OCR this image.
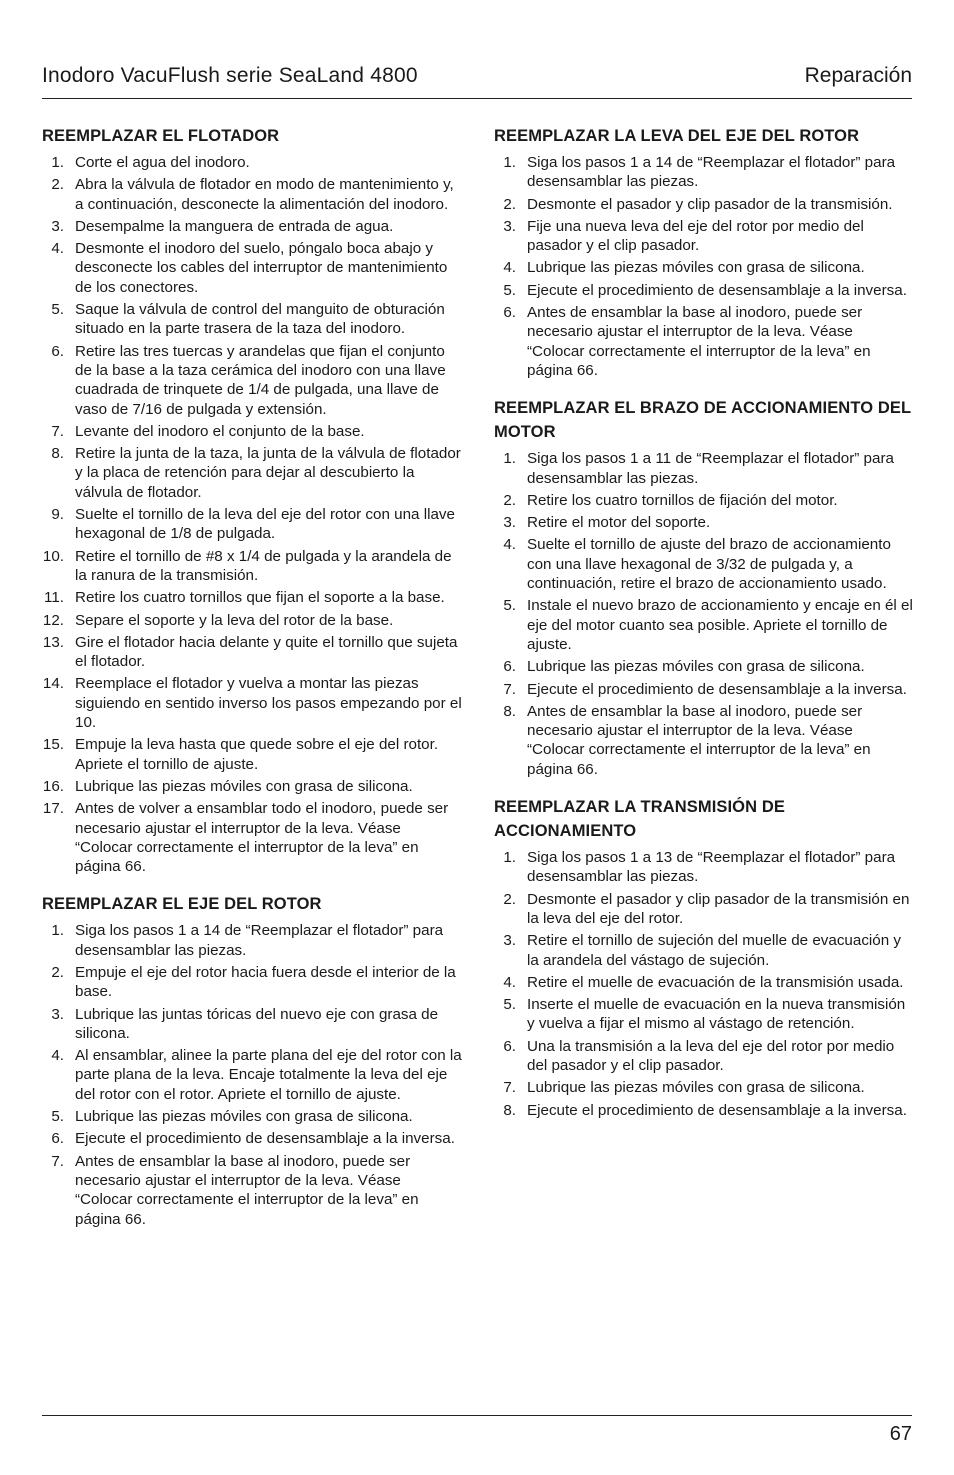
Inodoro VacuFlush serie SeaLand 4800	Reparación
REEMPLAZAR EL FLOTADOR
1. Corte el agua del inodoro.
2. Abra la válvula de flotador en modo de mantenimiento y, a continuación, desconecte la alimentación del inodoro.
3. Desempalme la manguera de entrada de agua.
4. Desmonte el inodoro del suelo, póngalo boca abajo y desconecte los cables del interruptor de mantenimiento de los conectores.
5. Saque la válvula de control del manguito de obturación situado en la parte trasera de la taza del inodoro.
6. Retire las tres tuercas y arandelas que fijan el conjunto de la base a la taza cerámica del inodoro con una llave cuadrada de trinquete de 1/4 de pulgada, una llave de vaso de 7/16 de pulgada y extensión.
7. Levante del inodoro el conjunto de la base.
8. Retire la junta de la taza, la junta de la válvula de flotador y la placa de retención para dejar al descubierto la válvula de flotador.
9. Suelte el tornillo de la leva del eje del rotor con una llave hexagonal de 1/8 de pulgada.
10. Retire el tornillo de #8 x 1/4 de pulgada y la arandela de la ranura de la transmisión.
11. Retire los cuatro tornillos que fijan el soporte a la base.
12. Separe el soporte y la leva del rotor de la base.
13. Gire el flotador hacia delante y quite el tornillo que sujeta el flotador.
14. Reemplace el flotador y vuelva a montar las piezas siguiendo en sentido inverso los pasos empezando por el 10.
15. Empuje la leva hasta que quede sobre el eje del rotor. Apriete el tornillo de ajuste.
16. Lubrique las piezas móviles con grasa de silicona.
17. Antes de volver a ensamblar todo el inodoro, puede ser necesario ajustar el interruptor de la leva. Véase “Colocar correctamente el interruptor de la leva” en página 66.
REEMPLAZAR EL EJE DEL ROTOR
1. Siga los pasos 1 a 14 de “Reemplazar el flotador” para desensamblar las piezas.
2. Empuje el eje del rotor hacia fuera desde el interior de la base.
3. Lubrique las juntas tóricas del nuevo eje con grasa de silicona.
4. Al ensamblar, alinee la parte plana del eje del rotor con la parte plana de la leva. Encaje totalmente la leva del eje del rotor con el rotor. Apriete el tornillo de ajuste.
5. Lubrique las piezas móviles con grasa de silicona.
6. Ejecute el procedimiento de desensamblaje a la inversa.
7. Antes de ensamblar la base al inodoro, puede ser necesario ajustar el interruptor de la leva. Véase “Colocar correctamente el interruptor de la leva” en página 66.
REEMPLAZAR LA LEVA DEL EJE DEL ROTOR
1. Siga los pasos 1 a 14 de “Reemplazar el flotador” para desensamblar las piezas.
2. Desmonte el pasador y clip pasador de la transmisión.
3. Fije una nueva leva del eje del rotor por medio del pasador y el clip pasador.
4. Lubrique las piezas móviles con grasa de silicona.
5. Ejecute el procedimiento de desensamblaje a la inversa.
6. Antes de ensamblar la base al inodoro, puede ser necesario ajustar el interruptor de la leva. Véase “Colocar correctamente el interruptor de la leva” en página 66.
REEMPLAZAR EL BRAZO DE ACCIONAMIENTO DEL MOTOR
1. Siga los pasos 1 a 11 de “Reemplazar el flotador” para desensamblar las piezas.
2. Retire los cuatro tornillos de fijación del motor.
3. Retire el motor del soporte.
4. Suelte el tornillo de ajuste del brazo de accionamiento con una llave hexagonal de 3/32 de pulgada y, a continuación, retire el brazo de accionamiento usado.
5. Instale el nuevo brazo de accionamiento y encaje en él el eje del motor cuanto sea posible. Apriete el tornillo de ajuste.
6. Lubrique las piezas móviles con grasa de silicona.
7. Ejecute el procedimiento de desensamblaje a la inversa.
8. Antes de ensamblar la base al inodoro, puede ser necesario ajustar el interruptor de la leva. Véase “Colocar correctamente el interruptor de la leva” en página 66.
REEMPLAZAR LA TRANSMISIÓN DE ACCIONAMIENTO
1. Siga los pasos 1 a 13 de “Reemplazar el flotador” para desensamblar las piezas.
2. Desmonte el pasador y clip pasador de la transmisión en la leva del eje del rotor.
3. Retire el tornillo de sujeción del muelle de evacuación y la arandela del vástago de sujeción.
4. Retire el muelle de evacuación de la transmisión usada.
5. Inserte el muelle de evacuación en la nueva transmisión y vuelva a fijar el mismo al vástago de retención.
6. Una la transmisión a la leva del eje del rotor por medio del pasador y el clip pasador.
7. Lubrique las piezas móviles con grasa de silicona.
8. Ejecute el procedimiento de desensamblaje a la inversa.
67
